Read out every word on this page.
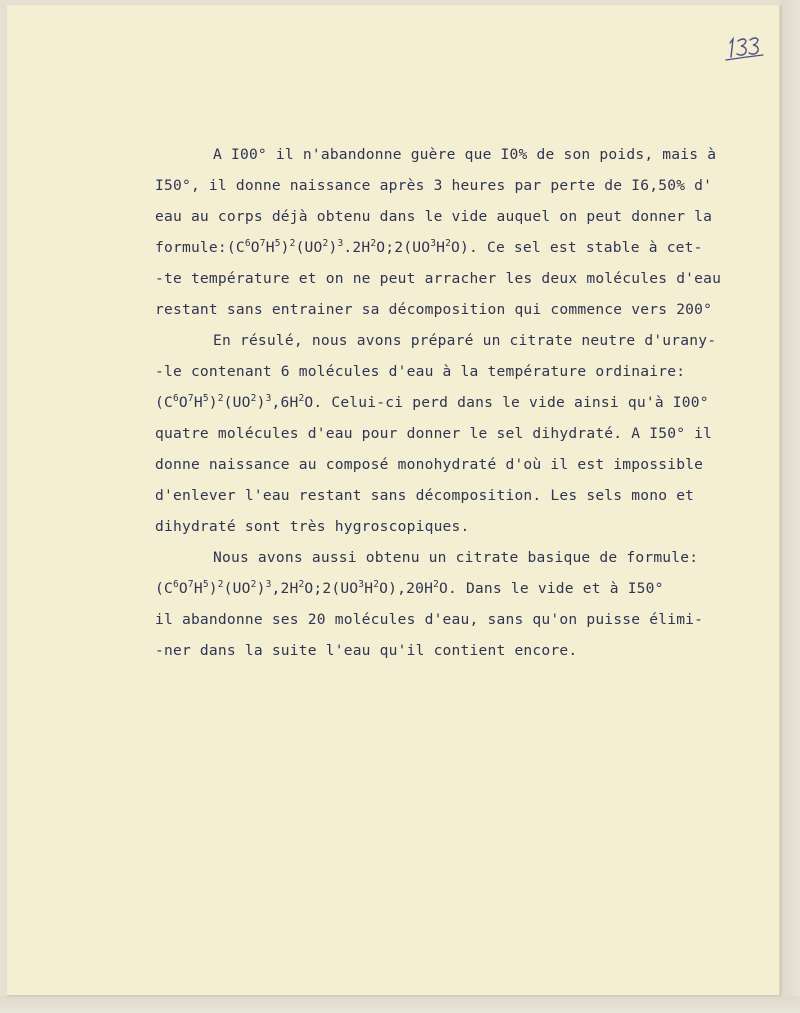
A I00° il n'abandonne guère que I0% de son poids, mais à
I50°, il donne naissance après 3 heures par perte de I6,50% d'
eau au corps déjà obtenu dans le vide auquel on peut donner la
$formule:(C^6O^7H^5)^2(UO^2)^3.2H^2O;2(UO^3H^2O)$. Ce sel est stable à cet-
-te température et on ne peut arracher les deux molécules d'eau
restant sans entrainer sa décomposition qui commence vers 200°
En résulé, nous avons préparé un citrate neutre d'urany-
-le contenant 6 molécules d'eau à la température ordinaire:
$(C^6O^7H^5)^2(UO^2)^3,6H^2O$. Celui-ci perd dans le vide ainsi qu'à I00°
quatre molécules d'eau pour donner le sel dihydraté. A I50° il
donne naissance au composé monohydraté d'où il est impossible
d'enlever l'eau restant sans décomposition. Les sels mono et
dihydraté sont très hygroscopiques.
Nous avons aussi obtenu un citrate basique de formule:
$(C^6O^7H^5)^2(UO^2)^3,2H^2O;2(UO^3H^2O),20H^2O$. Dans le vide et à I50°
il abandonne ses 20 molécules d'eau, sans qu'on puisse élimi-
-ner dans la suite l'eau qu'il contient encore.
